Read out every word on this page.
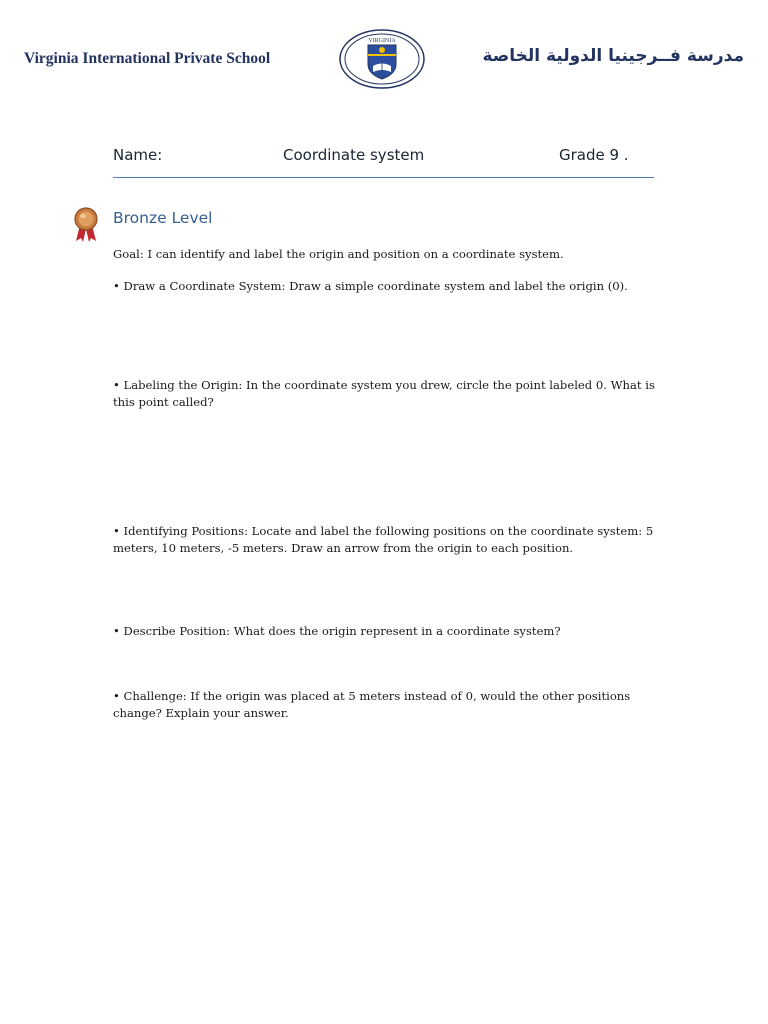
Virginia International Private School
VIRGINIA
مدرسة فــرجينيا الدولية الخاصة
Name:	Coordinate system	Grade 9 .
Bronze Level
Goal: I can identify and label the origin and position on a coordinate system.
• Draw a Coordinate System: Draw a simple coordinate system and label the origin (0).
• Labeling the Origin: In the coordinate system you drew, circle the point labeled 0. What is this point called?
• Identifying Positions: Locate and label the following positions on the coordinate system: 5 meters, 10 meters, -5 meters. Draw an arrow from the origin to each position.
• Describe Position: What does the origin represent in a coordinate system?
• Challenge: If the origin was placed at 5 meters instead of 0, would the other positions change? Explain your answer.
